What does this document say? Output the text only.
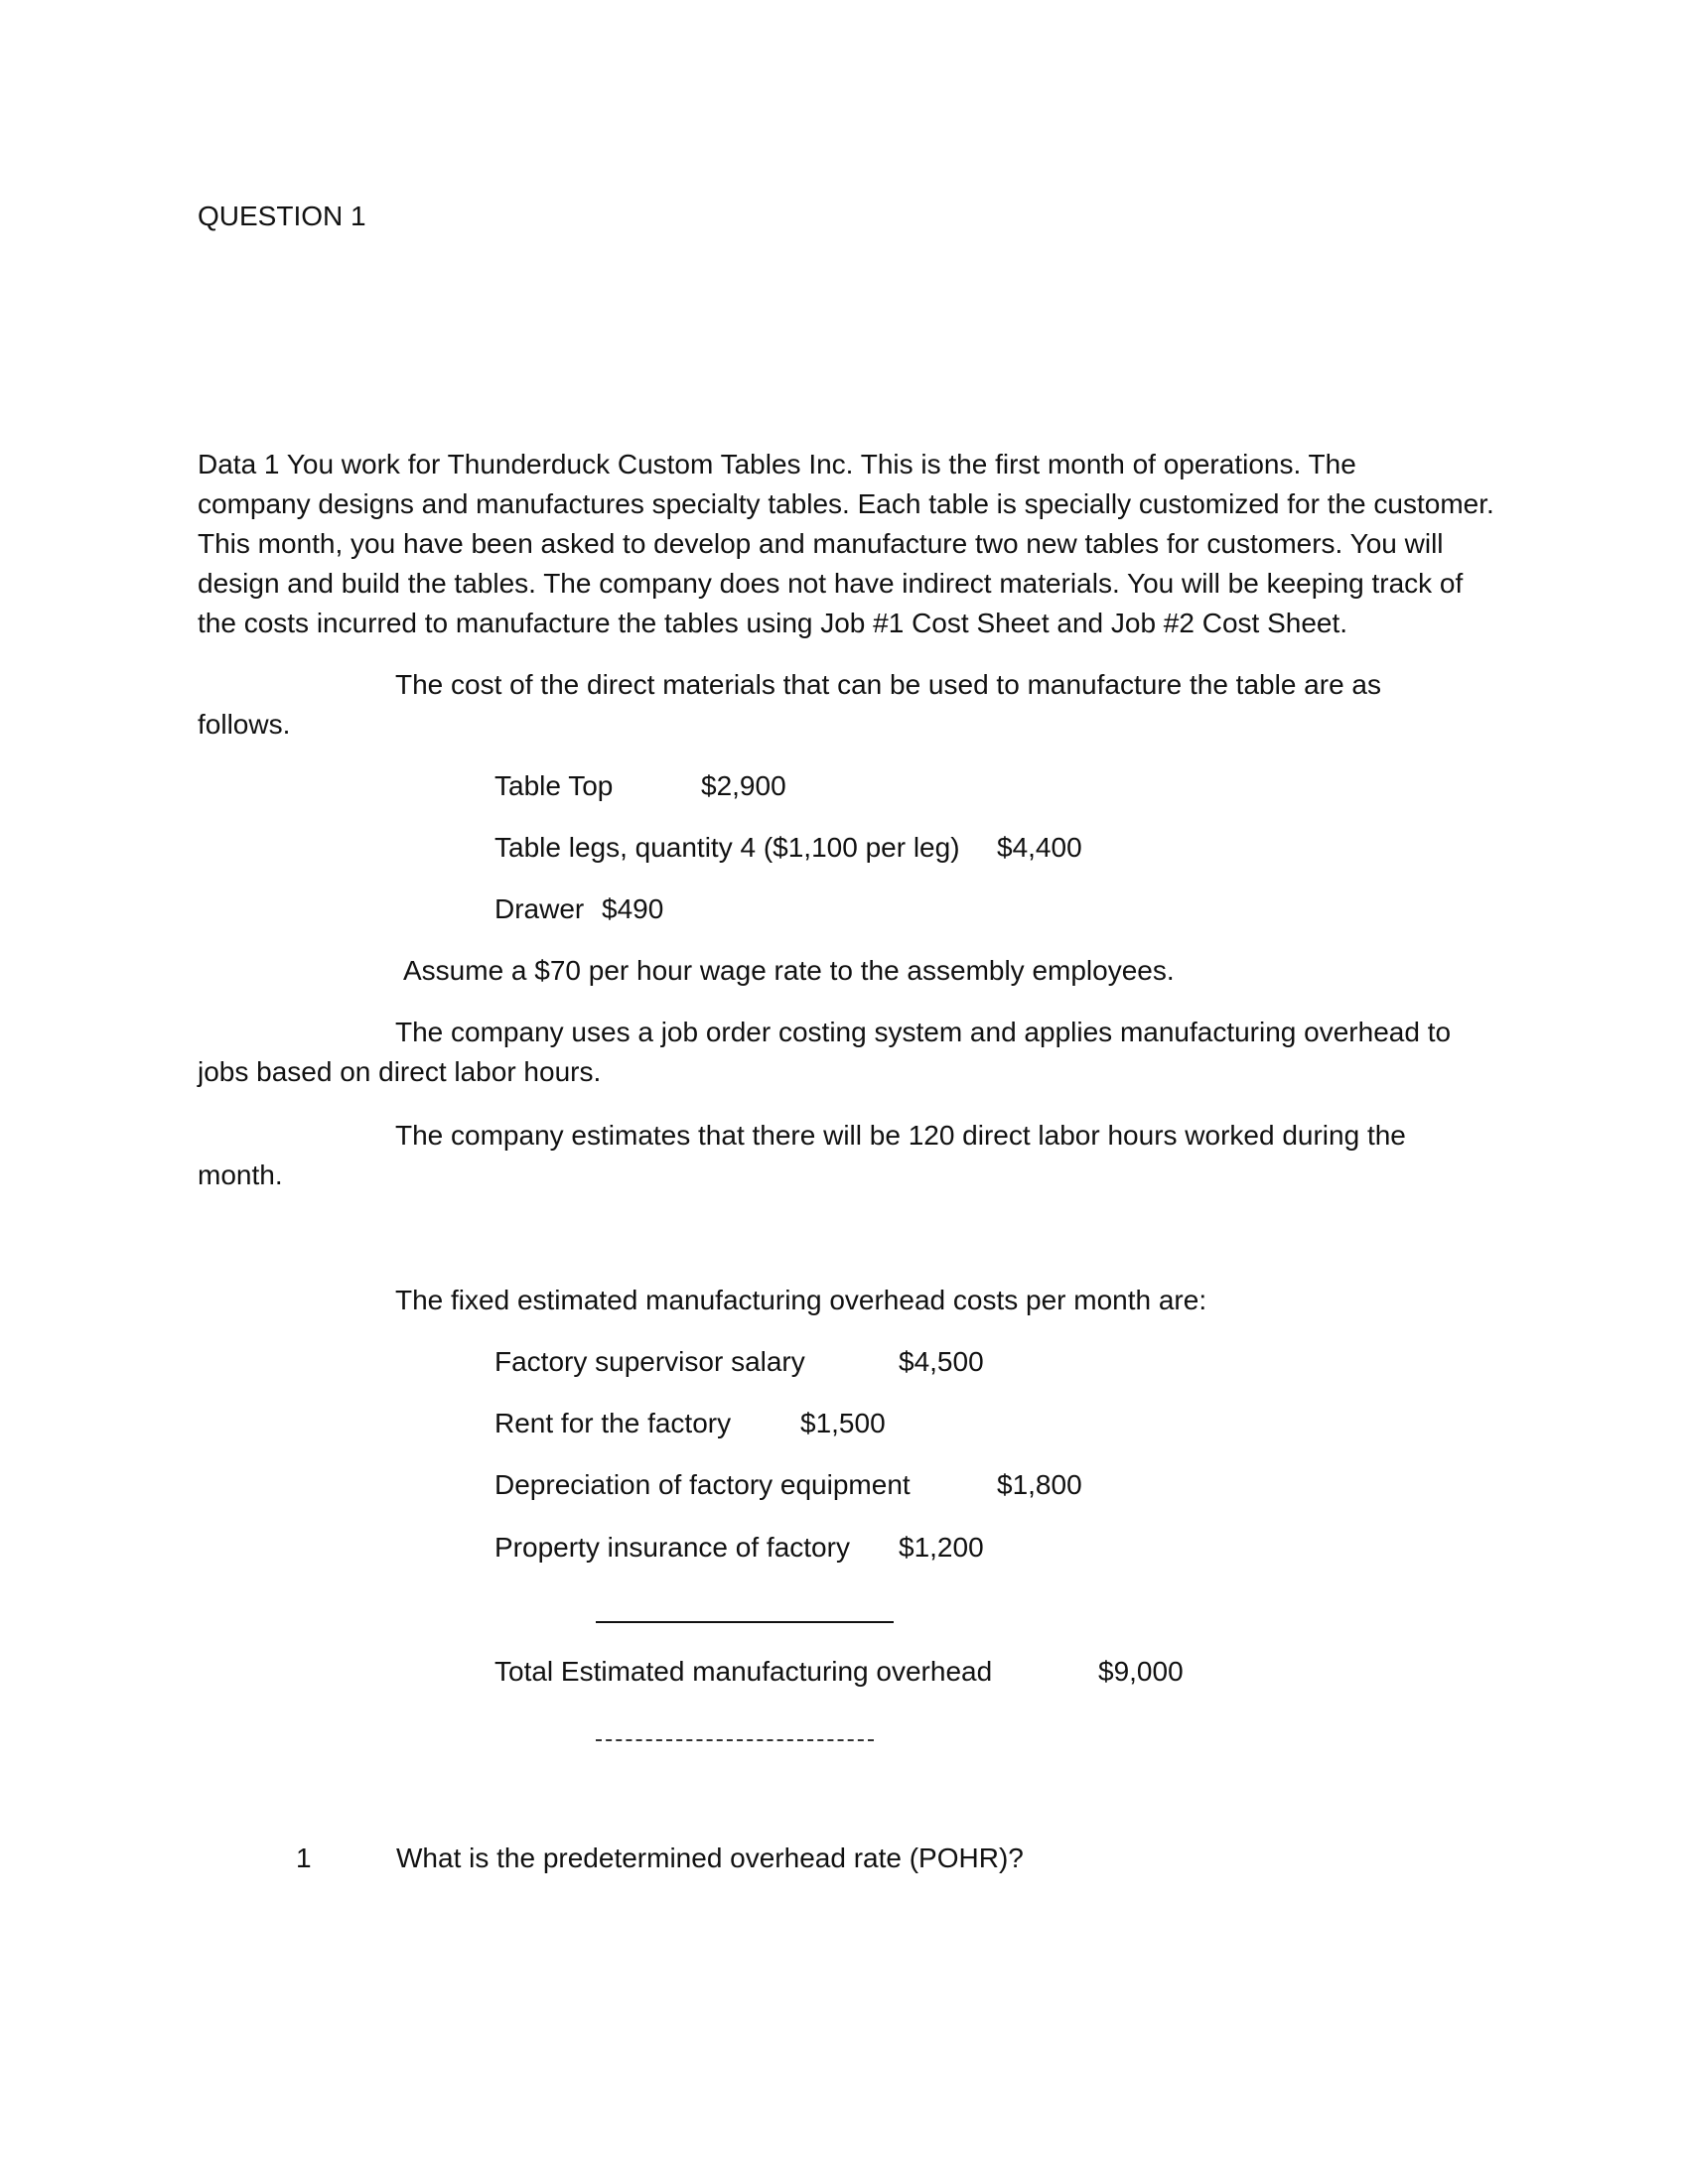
QUESTION 1
Data 1 You work for Thunderduck Custom Tables Inc. This is the first month of operations. The
company designs and manufactures specialty tables. Each table is specially customized for the customer.
This month, you have been asked to develop and manufacture two new tables for customers. You will
design and build the tables. The company does not have indirect materials. You will be keeping track of
the costs incurred to manufacture the tables using Job #1 Cost Sheet and Job #2 Cost Sheet.
The cost of the direct materials that can be used to manufacture the table are as
follows.
Table Top	$2,900
Table legs, quantity 4 ($1,100 per leg) $4,400
Drawer $490
Assume a $70 per hour wage rate to the assembly employees.
The company uses a job order costing system and applies manufacturing overhead to
jobs based on direct labor hours.
The company estimates that there will be 120 direct labor hours worked during the
month.
The fixed estimated manufacturing overhead costs per month are:
Factory supervisor salary	$4,500
Rent for the factory $1,500
Depreciation of factory equipment	$1,800
Property insurance of factory $1,200
Total Estimated manufacturing overhead	$9,000
1	What is the predetermined overhead rate (POHR)?
